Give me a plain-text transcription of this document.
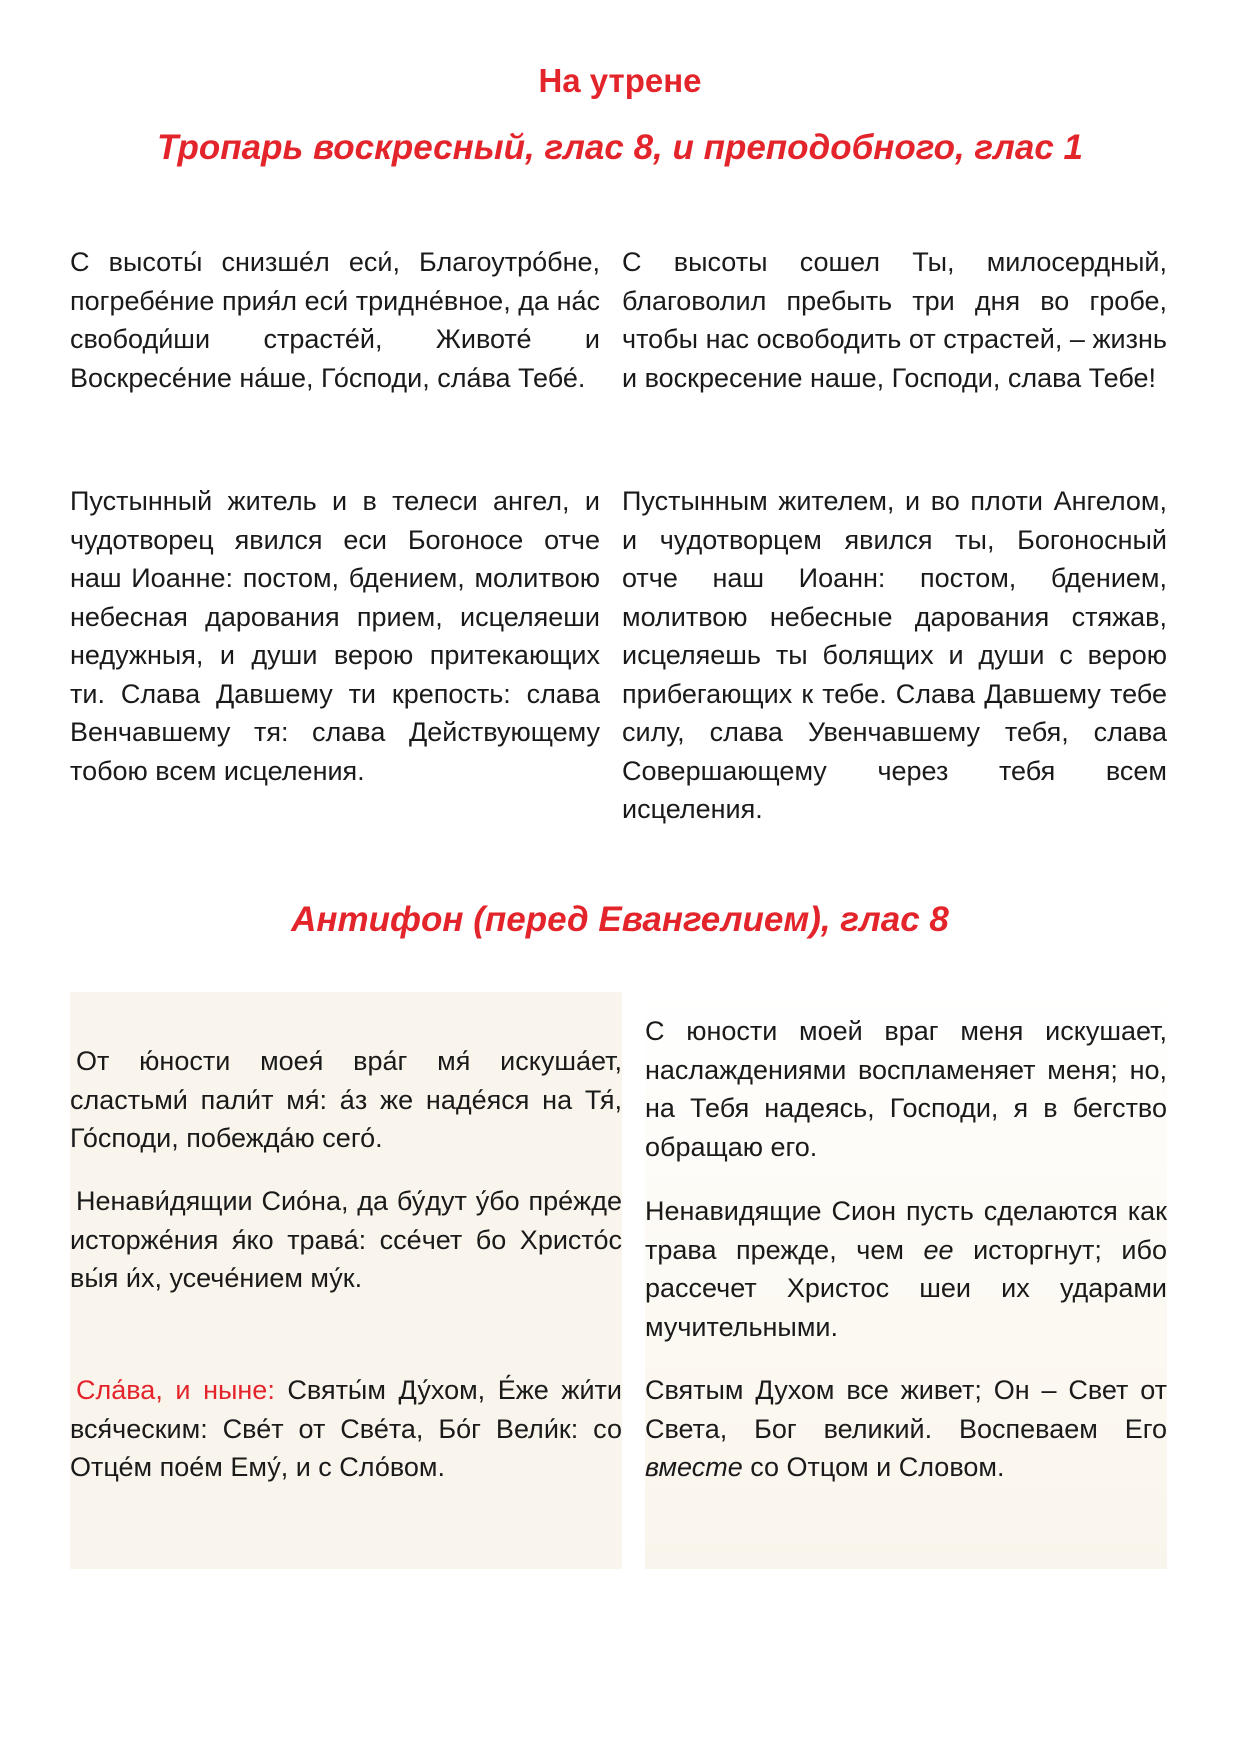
На утрене
Тропарь воскресный, глас 8, и преподобного, глас 1

С высоты́ снизше́л еси́, Благоутро́бне, погребе́ние прия́л еси́ тридне́вное, да на́с свободи́ши страсте́й, Животе́ и Воскресе́ние на́ше, Го́споди, сла́ва Тебе́.

С высоты сошел Ты, милосердный, благоволил пребыть три дня во гробе, чтобы нас освободить от страстей, – жизнь и воскресение наше, Господи, слава Тебе!

Пустынный житель и в телеси ангел, и чудотворец явился еси Богоносе отче наш Иоанне: постом, бдением, молитвою небесная дарования прием, исцеляеши недужныя, и души верою притекающих ти. Слава Давшему ти крепость: слава Венчавшему тя: слава Действующему тобою всем исцеления.

Пустынным жителем, и во плоти Ангелом, и чудотворцем явился ты, Богоносный отче наш Иоанн: постом, бдением, молитвою небесные дарования стяжав, исцеляешь ты болящих и души с верою прибегающих к тебе. Слава Давшему тебе силу, слава Увенчавшему тебя, слава Совершающему через тебя всем исцеления.

Антифон (перед Евангелием), глас 8

От ю́ности моея́ вра́г мя́ искуша́ет, сластьми́ пали́т мя́: а́з же наде́яся на Тя́, Го́споди, побежда́ю сего́.

С юности моей враг меня искушает, наслаждениями воспламеняет меня; но, на Тебя надеясь, Господи, я в бегство обращаю его.

Ненави́дящии Сио́на, да бу́дут у́бо пре́жде исторже́ния я́ко трава́: ссе́чет бо Христо́с вы́я и́х, усече́нием му́к.

Ненавидящие Сион пусть сделаются как трава прежде, чем ее исторгнут; ибо рассечет Христос шеи их ударами мучительными.

Сла́ва, и ныне: Святы́м Ду́хом, Е́же жи́ти вся́ческим: Све́т от Све́та, Бо́г Вели́к: со Отце́м пое́м Ему́, и с Сло́вом.

Святым Духом все живет; Он – Свет от Света, Бог великий. Воспеваем Его вместе со Отцом и Словом.
